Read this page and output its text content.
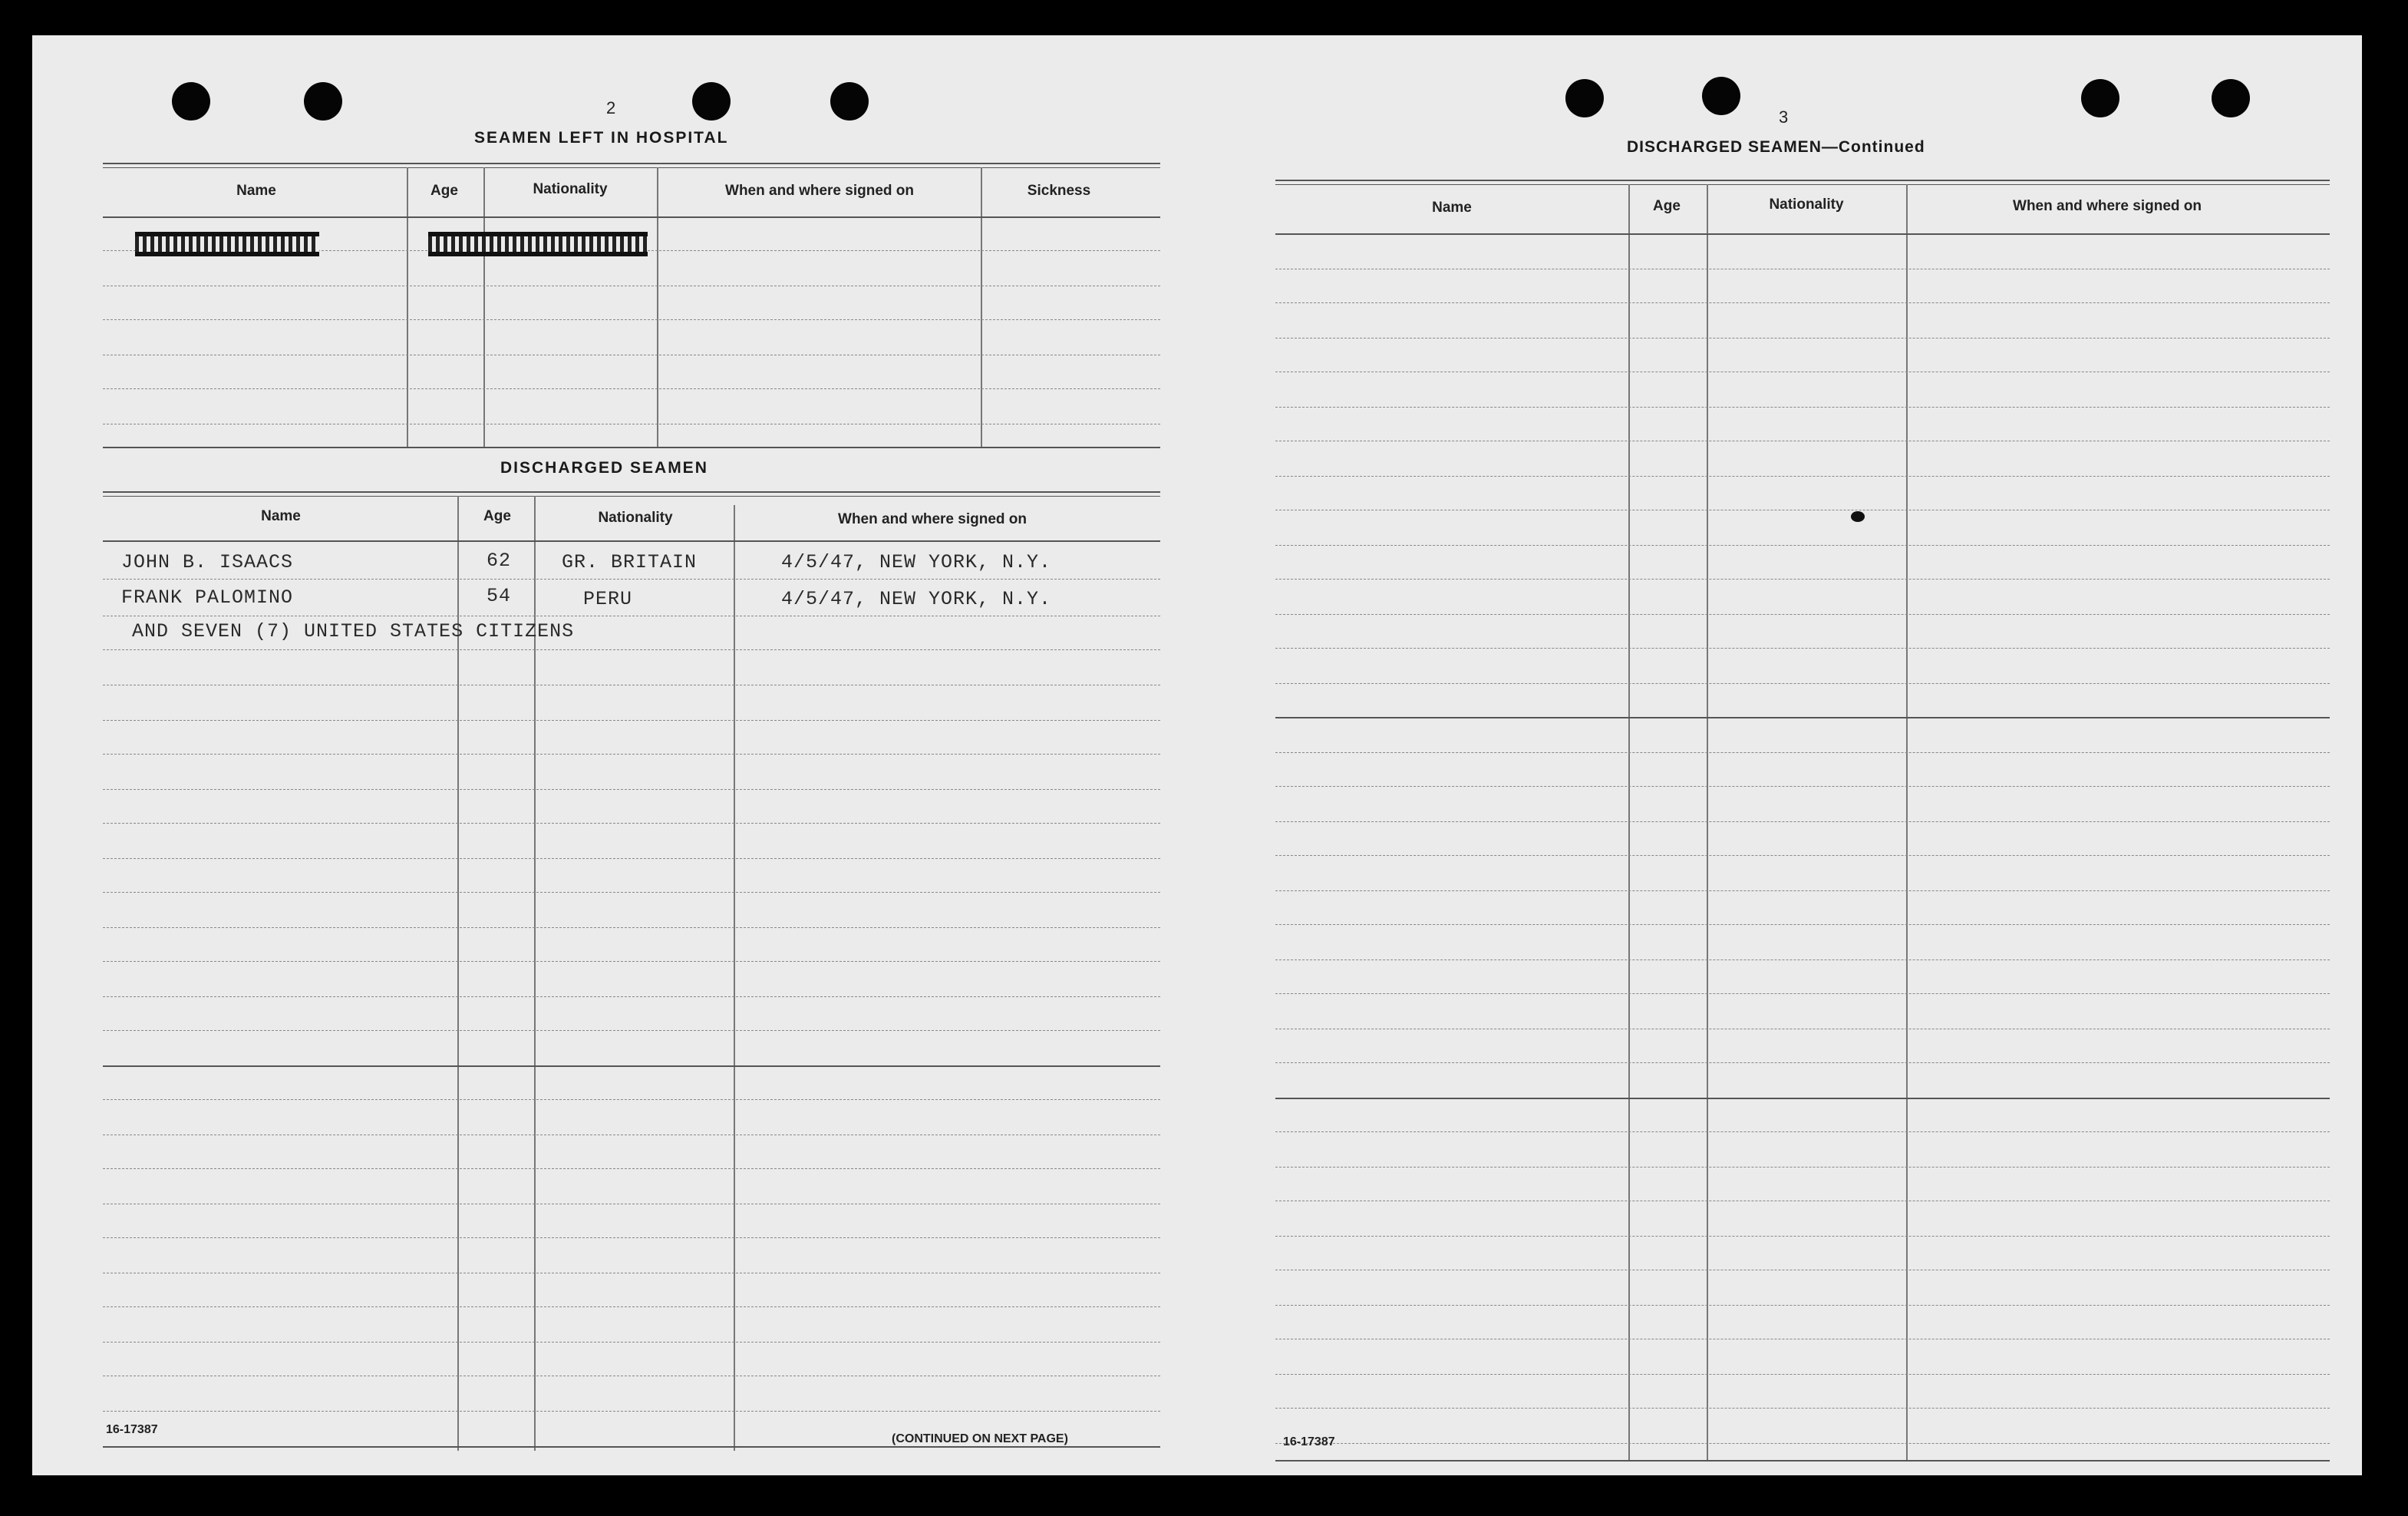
2
SEAMEN LEFT IN HOSPITAL
Name	Age	Nationality	When and where signed on	Sickness
DISCHARGED SEAMEN
Name	Age	Nationality	When and where signed on
JOHN B. ISAACS	62	GR. BRITAIN	4/5/47, NEW YORK, N.Y.
FRANK PALOMINO	54	PERU	4/5/47, NEW YORK, N.Y.
AND SEVEN (7) UNITED STATES CITIZENS
16-17387
(CONTINUED ON NEXT PAGE)
3
DISCHARGED SEAMEN—Continued
Name	Age	Nationality	When and where signed on
16-17387
